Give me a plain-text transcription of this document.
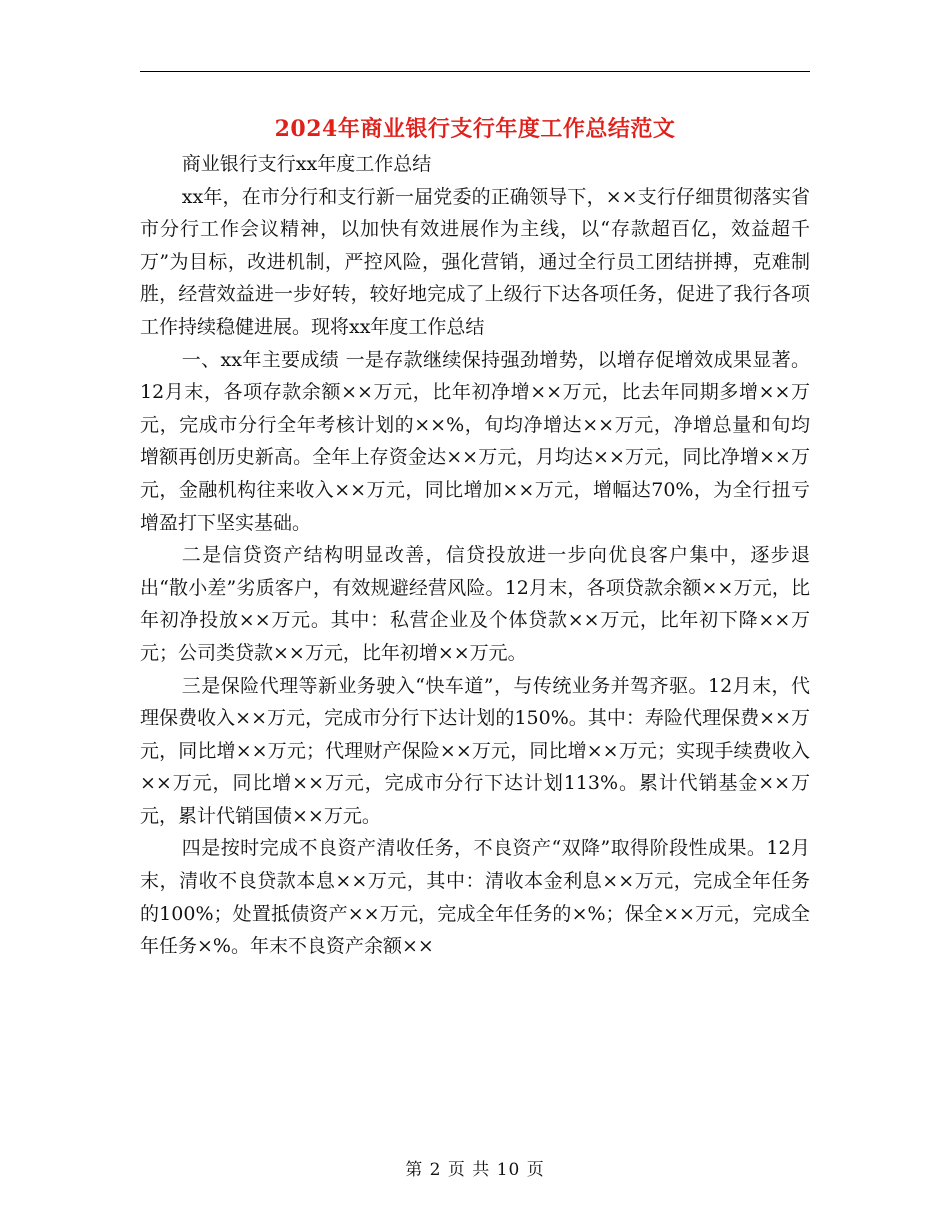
2024年商业银行支行年度工作总结范文

商业银行支行xx年度工作总结

xx年，在市分行和支行新一届党委的正确领导下，××支行仔细贯彻落实省市分行工作会议精神，以加快有效进展作为主线，以“存款超百亿，效益超千万”为目标，改进机制，严控风险，强化营销，通过全行员工团结拼搏，克难制胜，经营效益进一步好转，较好地完成了上级行下达各项任务，促进了我行各项工作持续稳健进展。现将xx年度工作总结

一、xx年主要成绩 一是存款继续保持强劲增势，以增存促增效成果显著。12月末，各项存款余额××万元，比年初净增××万元，比去年同期多增××万元，完成市分行全年考核计划的××%，旬均净增达××万元，净增总量和旬均增额再创历史新高。全年上存资金达××万元，月均达××万元，同比净增××万元，金融机构往来收入××万元，同比增加××万元，增幅达70%，为全行扭亏增盈打下坚实基础。

二是信贷资产结构明显改善，信贷投放进一步向优良客户集中，逐步退出“散小差”劣质客户，有效规避经营风险。12月末，各项贷款余额××万元，比年初净投放××万元。其中：私营企业及个体贷款××万元，比年初下降××万元；公司类贷款××万元，比年初增××万元。

三是保险代理等新业务驶入“快车道”，与传统业务并驾齐驱。12月末，代理保费收入××万元，完成市分行下达计划的150%。其中：寿险代理保费××万元，同比增××万元；代理财产保险××万元，同比增××万元；实现手续费收入××万元，同比增××万元，完成市分行下达计划113%。累计代销基金××万元，累计代销国债××万元。

四是按时完成不良资产清收任务，不良资产“双降”取得阶段性成果。12月末，清收不良贷款本息××万元，其中：清收本金利息××万元，完成全年任务的100%；处置抵债资产××万元，完成全年任务的×%；保全××万元，完成全年任务×%。年末不良资产余额××

第 2 页 共 10 页
